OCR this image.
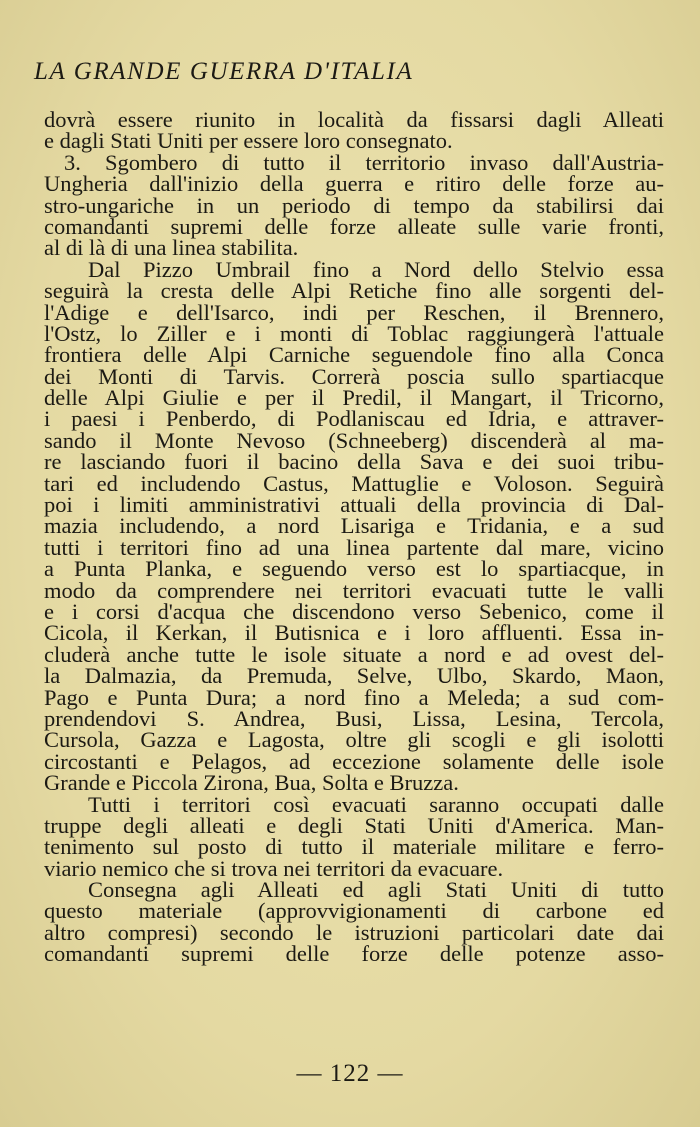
LA GRANDE GUERRA D'ITALIA
dovrà essere riunito in località da fissarsi dagli Alleati
e dagli Stati Uniti per essere loro consegnato.
3. Sgombero di tutto il territorio invaso dall'Austria-
Ungheria dall'inizio della guerra e ritiro delle forze au-
stro-ungariche in un periodo di tempo da stabilirsi dai
comandanti supremi delle forze alleate sulle varie fronti,
al di là di una linea stabilita.
Dal Pizzo Umbrail fino a Nord dello Stelvio essa
seguirà la cresta delle Alpi Retiche fino alle sorgenti del-
l'Adige e dell'Isarco, indi per Reschen, il Brennero,
l'Ostz, lo Ziller e i monti di Toblac raggiungerà l'attuale
frontiera delle Alpi Carniche seguendole fino alla Conca
dei Monti di Tarvis. Correrà poscia sullo spartiacque
delle Alpi Giulie e per il Predil, il Mangart, il Tricorno,
i paesi i Penberdo, di Podlaniscau ed Idria, e attraver-
sando il Monte Nevoso (Schneeberg) discenderà al ma-
re lasciando fuori il bacino della Sava e dei suoi tribu-
tari ed includendo Castus, Mattuglie e Voloson. Seguirà
poi i limiti amministrativi attuali della provincia di Dal-
mazia includendo, a nord Lisariga e Tridania, e a sud
tutti i territori fino ad una linea partente dal mare, vicino
a Punta Planka, e seguendo verso est lo spartiacque, in
modo da comprendere nei territori evacuati tutte le valli
e i corsi d'acqua che discendono verso Sebenico, come il
Cicola, il Kerkan, il Butisnica e i loro affluenti. Essa in-
cluderà anche tutte le isole situate a nord e ad ovest del-
la Dalmazia, da Premuda, Selve, Ulbo, Skardo, Maon,
Pago e Punta Dura; a nord fino a Meleda; a sud com-
prendendovi S. Andrea, Busi, Lissa, Lesina, Tercola,
Cursola, Gazza e Lagosta, oltre gli scogli e gli isolotti
circostanti e Pelagos, ad eccezione solamente delle isole
Grande e Piccola Zirona, Bua, Solta e Bruzza.
Tutti i territori così evacuati saranno occupati dalle
truppe degli alleati e degli Stati Uniti d'America. Man-
tenimento sul posto di tutto il materiale militare e ferro-
viario nemico che si trova nei territori da evacuare.
Consegna agli Alleati ed agli Stati Uniti di tutto
questo materiale (approvvigionamenti di carbone ed
altro compresi) secondo le istruzioni particolari date dai
comandanti supremi delle forze delle potenze asso-
— 122 —
